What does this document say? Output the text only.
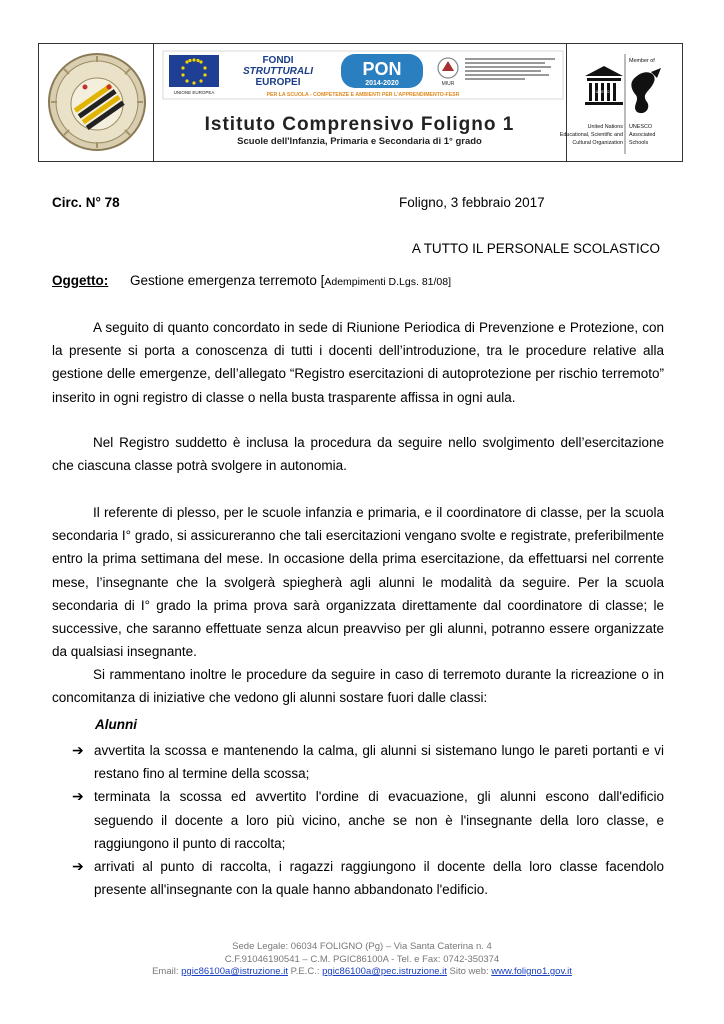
UNIONE EUROPEA
FONDI
STRUTTURALI
EUROPEI
PON
2014-2020	MIUR
PER LA SCUOLA - COMPETENZE E AMBIENTI PER L'APPRENDIMENTO-FESR
Istituto Comprensivo Foligno 1
Scuole dell'Infanzia, Primaria e Secondaria di 1° grado
UNESCO
United Nations
Educational, Scientific and
Cultural Organization
Member of
UNESCO
Associated
Schools
Circ. N° 78	Foligno, 3 febbraio 2017
A TUTTO IL PERSONALE SCOLASTICO
Oggetto: Gestione emergenza terremoto [Adempimenti D.Lgs. 81/08]

A seguito di quanto concordato in sede di Riunione Periodica di Prevenzione e Protezione, con la presente si porta a conoscenza di tutti i docenti dell’introduzione, tra le procedure relative alla gestione delle emergenze, dell’allegato “Registro esercitazioni di autoprotezione per rischio terremoto” inserito in ogni registro di classe o nella busta trasparente affissa in ogni aula.

Nel Registro suddetto è inclusa la procedura da seguire nello svolgimento dell’esercitazione che ciascuna classe potrà svolgere in autonomia.

Il referente di plesso, per le scuole infanzia e primaria, e il coordinatore di classe, per la scuola secondaria I° grado, si assicureranno che tali esercitazioni vengano svolte e registrate, preferibilmente entro la prima settimana del mese. In occasione della prima esercitazione, da effettuarsi nel corrente mese, l’insegnante che la svolgerà spiegherà agli alunni le modalità da seguire. Per la scuola secondaria di I° grado la prima prova sarà organizzata direttamente dal coordinatore di classe; le successive, che saranno effettuate senza alcun preavviso per gli alunni, potranno essere organizzate da qualsiasi insegnante.

Si rammentano inoltre le procedure da seguire in caso di terremoto durante la ricreazione o in concomitanza di iniziative che vedono gli alunni sostare fuori dalle classi:

Alunni
➔ avvertita la scossa e mantenendo la calma, gli alunni si sistemano lungo le pareti portanti e vi restano fino al termine della scossa;
➔ terminata la scossa ed avvertito l'ordine di evacuazione, gli alunni escono dall'edificio seguendo il docente a loro più vicino, anche se non è l'insegnante della loro classe, e raggiungono il punto di raccolta;
➔ arrivati al punto di raccolta, i ragazzi raggiungono il docente della loro classe facendolo presente all'insegnante con la quale hanno abbandonato l'edificio.
Sede Legale: 06034 FOLIGNO (Pg) – Via Santa Caterina n. 4
C.F.91046190541 – C.M. PGIC86100A - Tel. e Fax: 0742-350374
Email: pgic86100a@istruzione.it P.E.C.: pgic86100a@pec.istruzione.it Sito web: www.foligno1.gov.it
